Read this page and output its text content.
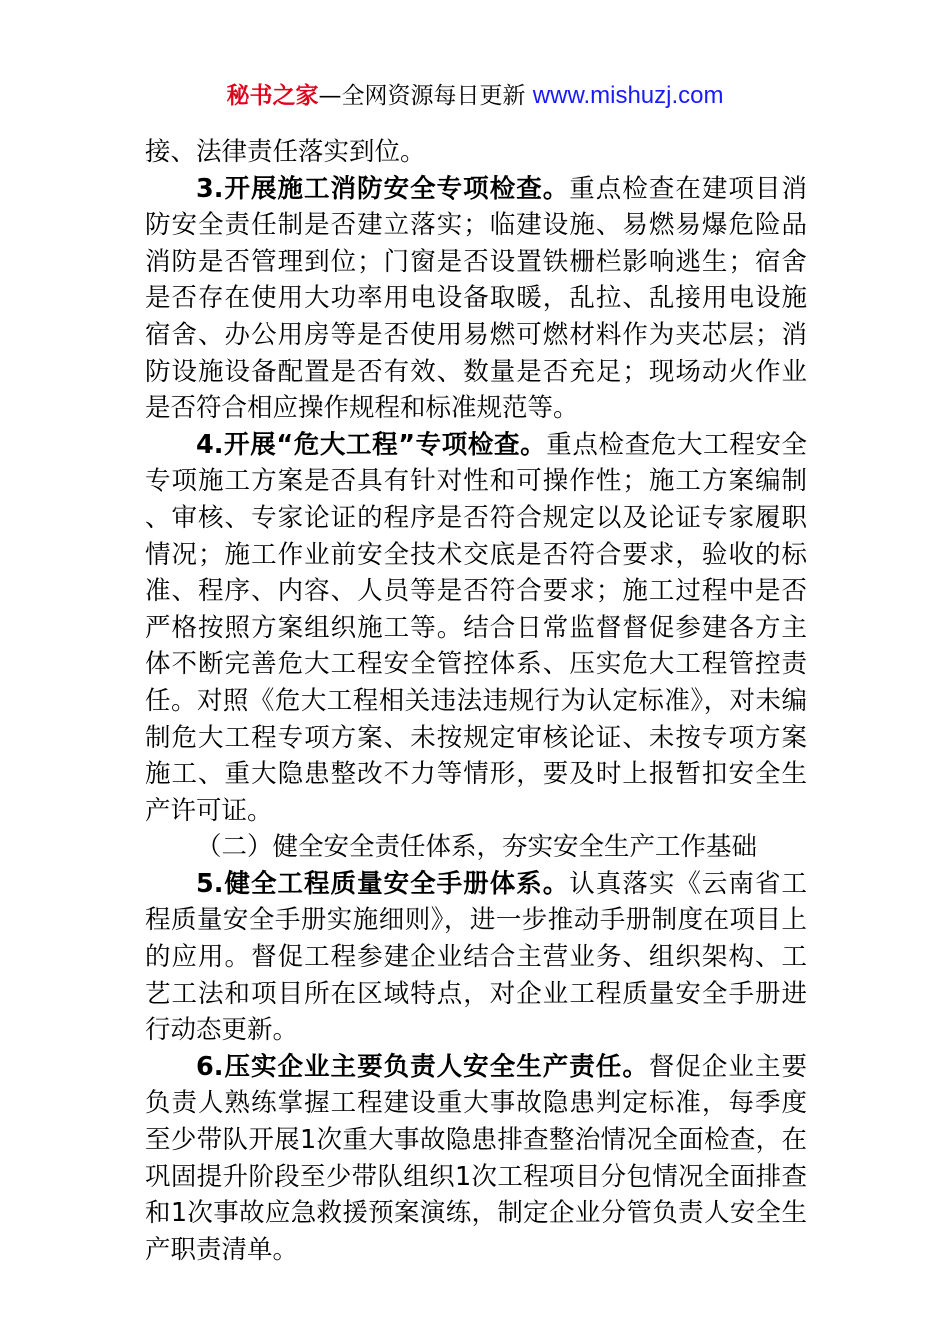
秘书之家—全网资源每日更新 www.mishuzj.com

接、法律责任落实到位。

3.开展施工消防安全专项检查。重点检查在建项目消防安全责任制是否建立落实；临建设施、易燃易爆危险品消防是否管理到位；门窗是否设置铁栅栏影响逃生；宿舍是否存在使用大功率用电设备取暖，乱拉、乱接用电设施宿舍、办公用房等是否使用易燃可燃材料作为夹芯层；消防设施设备配置是否有效、数量是否充足；现场动火作业是否符合相应操作规程和标准规范等。

4.开展“危大工程”专项检查。重点检查危大工程安全专项施工方案是否具有针对性和可操作性；施工方案编制、审核、专家论证的程序是否符合规定以及论证专家履职情况；施工作业前安全技术交底是否符合要求，验收的标准、程序、内容、人员等是否符合要求；施工过程中是否严格按照方案组织施工等。结合日常监督督促参建各方主体不断完善危大工程安全管控体系、压实危大工程管控责任。对照《危大工程相关违法违规行为认定标准》，对未编制危大工程专项方案、未按规定审核论证、未按专项方案施工、重大隐患整改不力等情形，要及时上报暂扣安全生产许可证。

（二）健全安全责任体系，夯实安全生产工作基础

5.健全工程质量安全手册体系。认真落实《云南省工程质量安全手册实施细则》，进一步推动手册制度在项目上的应用。督促工程参建企业结合主营业务、组织架构、工艺工法和项目所在区域特点，对企业工程质量安全手册进行动态更新。

6.压实企业主要负责人安全生产责任。督促企业主要负责人熟练掌握工程建设重大事故隐患判定标准，每季度至少带队开展1次重大事故隐患排查整治情况全面检查，在巩固提升阶段至少带队组织1次工程项目分包情况全面排查和1次事故应急救援预案演练，制定企业分管负责人安全生产职责清单。
